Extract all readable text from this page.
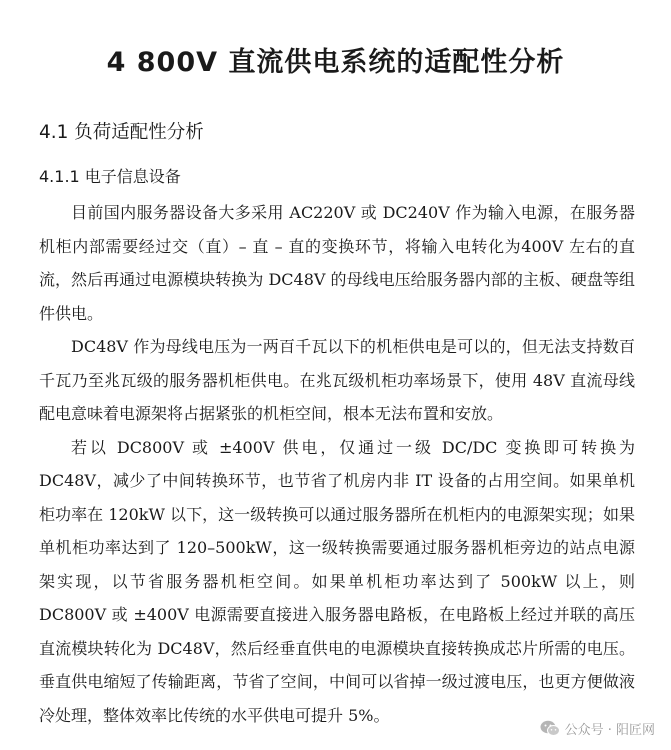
4 800V 直流供电系统的适配性分析
4.1 负荷适配性分析
4.1.1 电子信息设备

目前国内服务器设备大多采用 AC220V 或 DC240V 作为输入电源，在服务器机柜内部需要经过交（直）– 直 – 直的变换环节，将输入电转化为400V 左右的直流，然后再通过电源模块转换为 DC48V 的母线电压给服务器内部的主板、硬盘等组件供电。

DC48V 作为母线电压为一两百千瓦以下的机柜供电是可以的，但无法支持数百千瓦乃至兆瓦级的服务器机柜供电。在兆瓦级机柜功率场景下，使用 48V 直流母线配电意味着电源架将占据紧张的机柜空间，根本无法布置和安放。

若以 DC800V 或 ±400V 供电，仅通过一级 DC/DC 变换即可转换为 DC48V，减少了中间转换环节，也节省了机房内非 IT 设备的占用空间。如果单机柜功率在 120kW 以下，这一级转换可以通过服务器所在机柜内的电源架实现；如果单机柜功率达到了 120–500kW，这一级转换需要通过服务器机柜旁边的站点电源架实现，以节省服务器机柜空间。如果单机柜功率达到了 500kW 以上，则 DC800V 或 ±400V 电源需要直接进入服务器电路板，在电路板上经过并联的高压直流模块转化为 DC48V，然后经垂直供电的电源模块直接转换成芯片所需的电压。垂直供电缩短了传输距离，节省了空间，中间可以省掉一级过渡电压，也更方便做液冷处理，整体效率比传统的水平供电可提升 5%。

公众号 · 阳匠网
